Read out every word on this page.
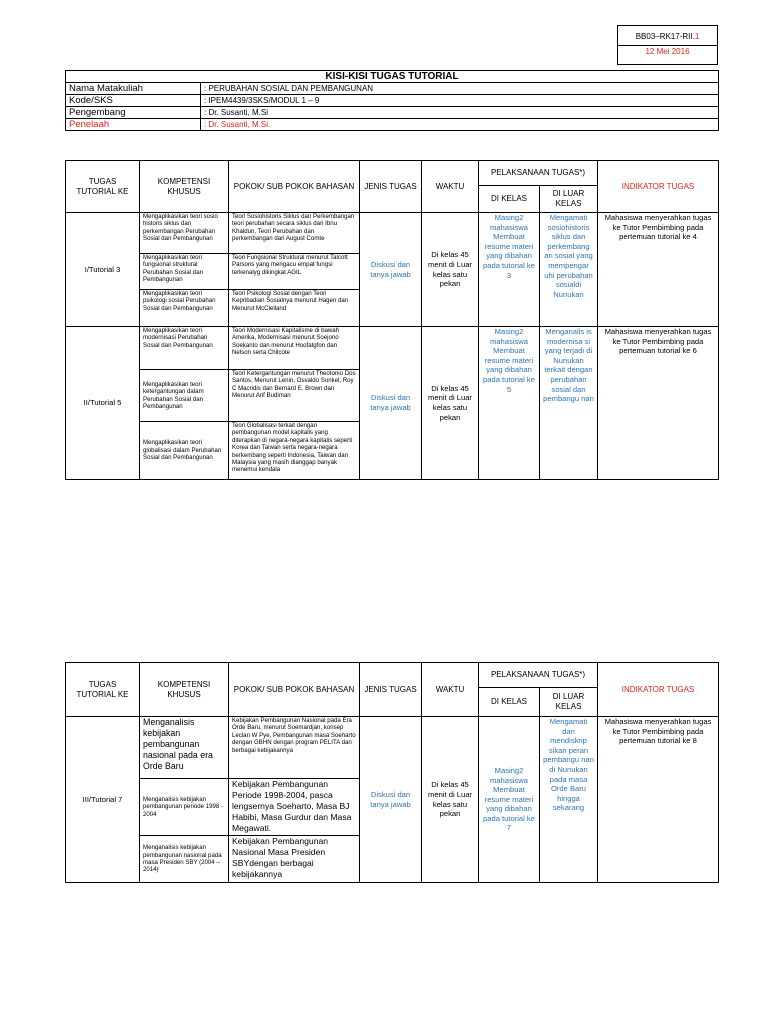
BB03–RK17-RII.1
12 Mei 2016
KISI-KISI TUGAS TUTORIAL	
Nama Matakuliah	: PERUBAHAN SOSIAL DAN PEMBANGUNAN
Kode/SKS	: IPEM4439/3SKS/MODUL 1 – 9
Pengembang	: Dr. Susanti, M.Si
Penelaah	: Dr. Susanti, M.Si.
TUGAS TUTORIAL KE	KOMPETENSI KHUSUS	POKOK/ SUB POKOK BAHASAN	JENIS TUGAS	WAKTU	PELAKSANAAN TUGAS*)		INDIKATOR TUGAS
					DI KELAS	DI LUAR KELAS	
I/Tutorial 3	Mengaplikasikan teori sosio historis siklus dan perkembangan Perubahan Sosial dan Pembangunan	Teori Sosiohistoris Siklus dan Perkembangan teori perubahan secara siklus dari Ibnu Khaldun, Teori Perubahan dan perkembangan dari August Comte	Diskusi dan tanya jawab	Di kelas 45 menit di Luar kelas satu pekan	Masing2 mahasiswa Membuat resume materi yang dibahan pada tutorial ke 3	Mengamati sosiohistoris siklus dan perkembang an sosial yang mempengar uhi perubahan sosialdi Nunukan	Mahasiswa menyerahkan tugas ke Tutor Pembimbing pada pertemuan tutorial ke 4
	Mengaplikasikan teori fungsional struktural Perubahan Sosial dan Pembangunan	Teori Fungsional Struktural menurut Talcott Parsons yang mengacu empat fungsi terkenalyg dikingkat AGIL					
	Mengaplikasikan teori psikologi sosial Perubahan Sosial dan Pembangunan	Teori Psikologi Sosial dengan Teori Kepribadian Sosialnya menurut Hagen dan Menurut McClelland					
II/Tutorial 5	Mengaplikasikan teori modernisasi Perubahan Sosial dan Pembangunan	Teori Modernisasi Kapitalisme di bawah Amerika, Modernisasi menurut Soejono Soekanto dan menurut Hoofatgfon dan Nelson serta Chilcote	Diskusi dan tanya jawab	Di kelas 45 menit di Luar kelas satu pekan	Masing2 mahasiswa Membuat resume materi yang dibahan pada tutorial ke 5	Menganalis is modernisa si yang terjadi di Nunukan terkait dengan perubahan sosial dan pembangu nan	Mahasiswa menyerahkan tugas ke Tutor Pembimbing pada pertemuan tutorial ke 6
	Mengaplikasikan teori ketergantungan dalam Perubahan Sosial dan Pembangunan	Teori Ketergantungan menurut Theotonio Dos Santos, Menurut Lenin, Osvaldo Sunkel, Roy C Macridis dan Bernard E. Brown dan Menurut Arif Budiman					
	Mengaplikasikan teori globalisasi dalam Perubahan Sosial dan Pembangunan	Teori Globalisasi terkait dengan pembangunan model kapitalis yang diterapkan di negara-negara kapitalis seperti Korea dan Taiwan serta negara-negara berkembang seperti Indonesia, Taiwan dan Malaysia yang masih dianggap banyak menemui kendala					
TUGAS TUTORIAL KE	KOMPETENSI KHUSUS	POKOK/ SUB POKOK BAHASAN	JENIS TUGAS	WAKTU	PELAKSANAAN TUGAS*)		INDIKATOR TUGAS
					DI KELAS	DI LUAR KELAS	
III/Tutorial 7	Menganalisis kebijakan pembangunan nasional pada era Orde Baru	Kebijakan Pembangunan Nasional pada Era Orde Baru, menurut Soemardjan, konsep Leclan W Pye, Pembangunan masa Soeharto dengan GBHN dengan program PELITA dan berbagai kebijakannya	Diskusi dan tanya jawab	Di kelas 45 menit di Luar kelas satu pekan	Masing2 mahasiswa Membuat resume materi yang dibahan pada tutorial ke 7	Mengamati dan mendiskrip sikan peran pembangu nan di Nunukan pada masa Orde Baru hingga sekarang	Mahasiswa menyerahkan tugas ke Tutor Pembimbing pada pertemuan tutorial ke 8
	Menganalisis kebijakan pembangunan periode 1998 - 2004	Kebijakan Pembangunan Periode 1998-2004, pasca lengsernya Soeharto, Masa BJ Habibi, Masa Gurdur dan Masa Megawati.					
	Menganalisis kebijakan pembangunan nasional pada masa Presiden SBY (2004 – 2014)	Kebijakan Pembangunan Nasional Masa Presiden SBYdengan berbagai kebijakannya					
